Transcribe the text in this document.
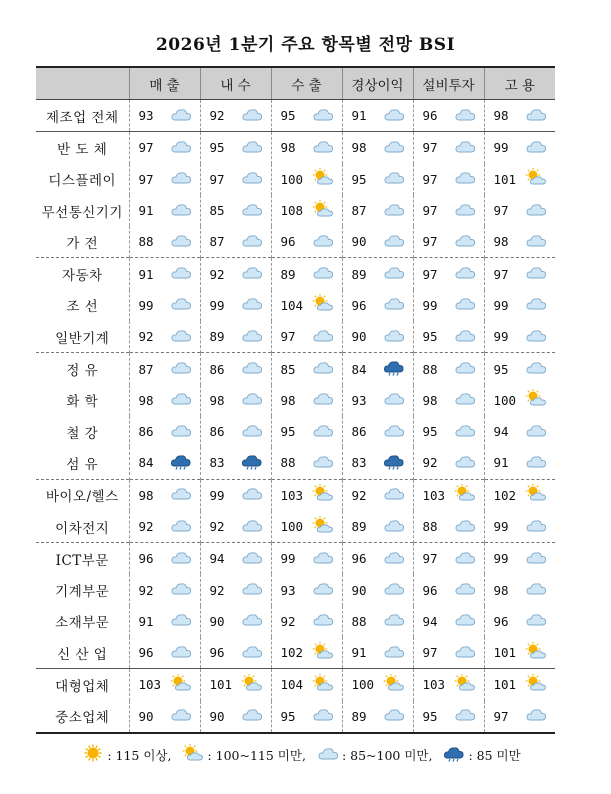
2026년 1분기 주요 항목별 전망 BSI
	매 출	내 수	수 출	경상이익	설비투자	고 용
제조업 전체	93	92	95	91	96	98

반 도 체	97	95	98	98	97	99

디스플레이	97	97	100	95	97	101

무선통신기기	91	85	108	87	97	97

가 전	88	87	96	90	97	98

자동차	91	92	89	89	97	97

조 선	99	99	104	96	99	99

일반기계	92	89	97	90	95	99

정 유	87	86	85	84	88	95

화 학	98	98	98	93	98	100

철 강	86	86	95	86	95	94

섬 유	84	83	88	83	92	91

바이오/헬스	98	99	103	92	103	102

이차전지	92	92	100	89	88	99

ICT부문	96	94	99	96	97	99

기계부문	92	92	93	90	96	98

소재부문	91	90	92	88	94	96

신 산 업	96	96	102	91	97	101

대형업체	103	101	104	100	103	101

중소업체	90	90	95	89	95	97
: 115 이상,	: 100~115 미만,	: 85~100 미만,	: 85 미만
